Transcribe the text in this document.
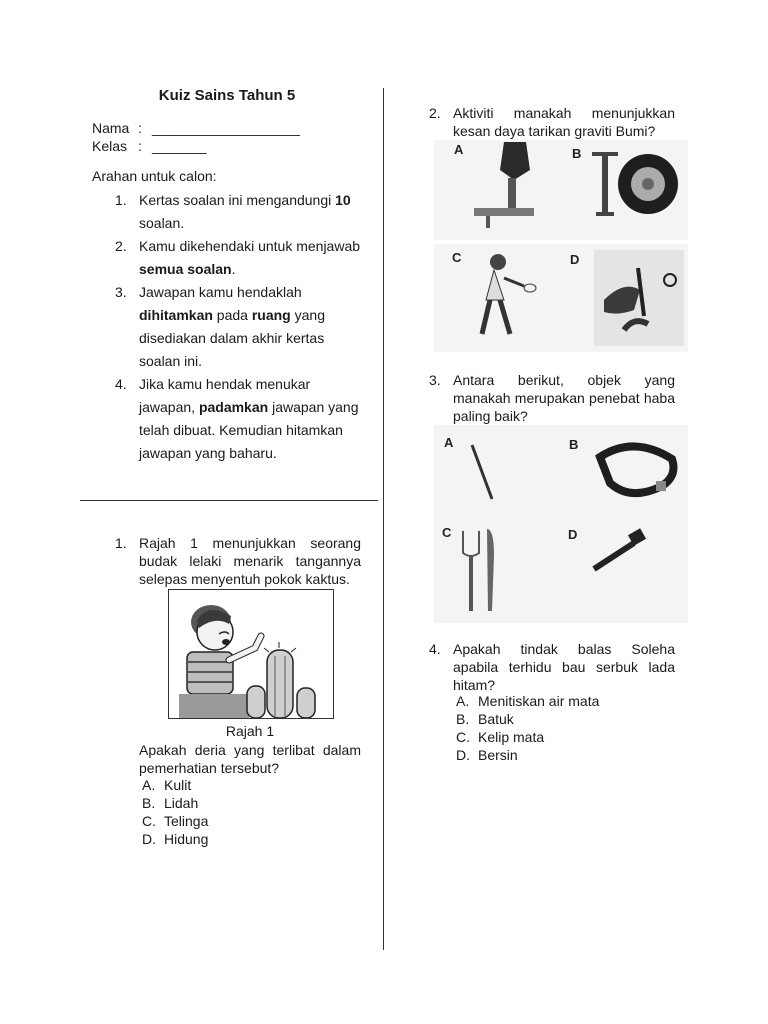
Kuiz Sains Tahun 5
Nama : ___________________
Kelas : _______
Arahan untuk calon:
1. Kertas soalan ini mengandungi 10 soalan.
2. Kamu dikehendaki untuk menjawab semua soalan.
3. Jawapan kamu hendaklah dihitamkan pada ruang yang disediakan dalam akhir kertas soalan ini.
4. Jika kamu hendak menukar jawapan, padamkan jawapan yang telah dibuat. Kemudian hitamkan jawapan yang baharu.
1. Rajah 1 menunjukkan seorang budak lelaki menarik tangannya selepas menyentuh pokok kaktus.
Rajah 1
Apakah deria yang terlibat dalam pemerhatian tersebut?
A. Kulit
B. Lidah
C. Telinga
D. Hidung
2. Aktiviti manakah menunjukkan kesan daya tarikan graviti Bumi?
A	B
C	D
3. Antara berikut, objek yang manakah merupakan penebat haba paling baik?
A	B
C	D
4. Apakah tindak balas Soleha apabila terhidu bau serbuk lada hitam?
A. Menitiskan air mata
B. Batuk
C. Kelip mata
D. Bersin
